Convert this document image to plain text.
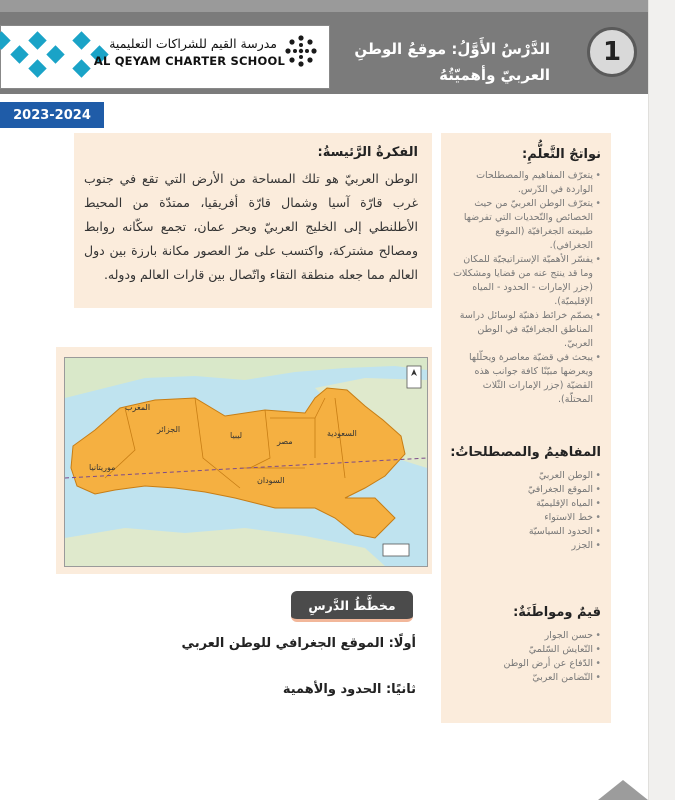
1
الدَّرْسُ الأَوَّلُ: موقعُ الوطنِ العربيّ وأهميّتُهُ
مدرسة القيم للشراكات التعليمية
AL QEYAM CHARTER SCHOOL
2023-2024
الفكرةُ الرَّئيسةُ:
الوطن العربيّ هو تلك المساحة من الأرض التي تقع في جنوب غرب قارّة آسيا وشمال قارّة أفريقيا، ممتدّة من المحيط الأطلنطي إلى الخليج العربيّ وبحر عمان، تجمع سكّانه روابط ومصالح مشتركة، واكتسب على مرّ العصور مكانة بارزة بين دول العالم مما جعله منطقة التقاء واتّصال بين قارات العالم ودوله.
الجزائر
ليبيا
مصر
السعودية
السودان
موريتانيا
المغرب
مخطَّطُ الدَّرسِ
أولًا: الموقع الجغرافي للوطن العربي
ثانيًا: الحدود والأهمية
نواتجُ التَّعلُّمِ:
• يتعرّف المفاهيم والمصطلحات الواردة في الدّرس.
• يتعرّف الوطن العربيّ من حيث الخصائص والتّحديات التي تفرضها طبيعته الجغرافيّة (الموقع الجغرافي).
• يفسّر الأهميّة الإستراتيجيّة للمكان وما قد ينتج عنه من قضايا ومشكلات (جزر الإمارات - الحدود - المياه الإقليميّة).
• يصمّم خرائط ذهنيّة لوسائل دراسة المناطق الجغرافيّة في الوطن العربيّ.
• يبحث في قضيّة معاصرة ويحلّلها ويعرضها مبيّنًا كافة جوانب هذه القضيّة (جزر الإمارات الثّلاث المحتلّة).
المفاهيمُ والمصطلحاتُ:
• الوطن العربيّ
• الموقع الجغرافيّ
• المياه الإقليميّة
• خط الاستواء
• الحدود السياسيّة
• الجزر
قيمٌ ومواطَنَةٌ:
• حسن الجوار
• التّعايش السّلميّ
• الدّفاع عن أرض الوطن
• التّضامن العربيّ
